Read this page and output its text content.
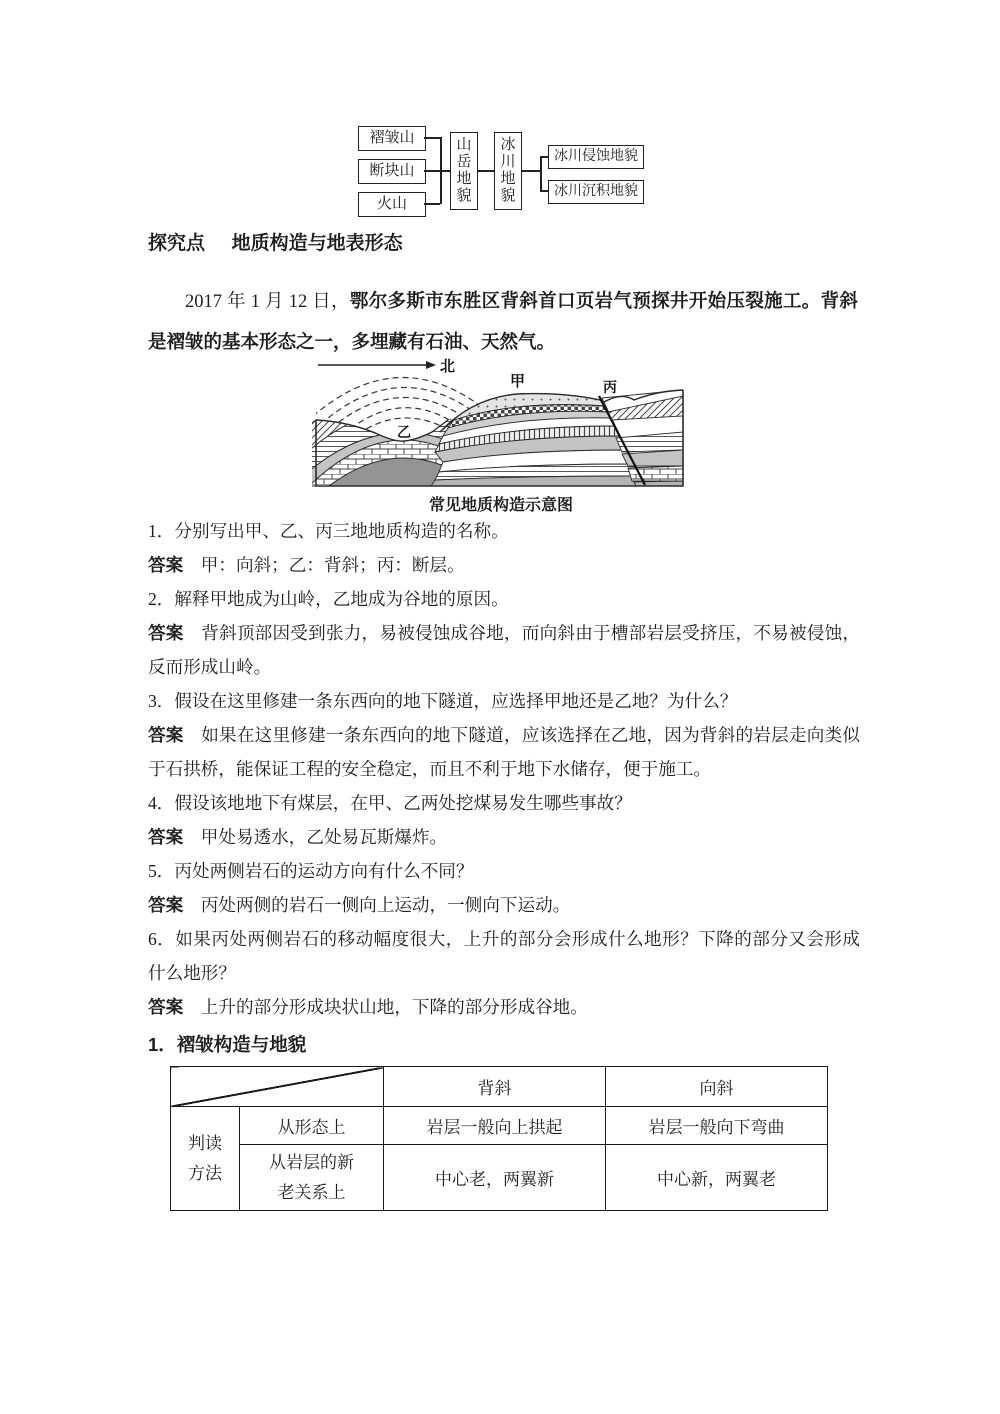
褶皱山
断块山
火山
山岳地貌
冰川地貌
冰川侵蚀地貌
冰川沉积地貌
探究点 地质构造与地表形态

2017 年 1 月 12 日，鄂尔多斯市东胜区背斜首口页岩气预探井开始压裂施工。背斜是褶皱的基本形态之一，多埋藏有石油、天然气。

北
甲
乙
丙
常见地质构造示意图

1．分别写出甲、乙、丙三地地质构造的名称。

答案 甲：向斜；乙：背斜；丙：断层。

2．解释甲地成为山岭，乙地成为谷地的原因。

答案 背斜顶部因受到张力，易被侵蚀成谷地，而向斜由于槽部岩层受挤压，不易被侵蚀，反而形成山岭。

3．假设在这里修建一条东西向的地下隧道，应选择甲地还是乙地？为什么？

答案 如果在这里修建一条东西向的地下隧道，应该选择在乙地，因为背斜的岩层走向类似于石拱桥，能保证工程的安全稳定，而且不利于地下水储存，便于施工。

4．假设该地地下有煤层，在甲、乙两处挖煤易发生哪些事故？

答案 甲处易透水，乙处易瓦斯爆炸。

5．丙处两侧岩石的运动方向有什么不同？

答案 丙处两侧的岩石一侧向上运动，一侧向下运动。

6．如果丙处两侧岩石的移动幅度很大，上升的部分会形成什么地形？下降的部分又会形成什么地形？

答案 上升的部分形成块状山地，下降的部分形成谷地。

1．褶皱构造与地貌
		背斜	向斜
判读方法	从形态上	岩层一般向上拱起	岩层一般向下弯曲
	从岩层的新老关系上	中心老，两翼新	中心新，两翼老
